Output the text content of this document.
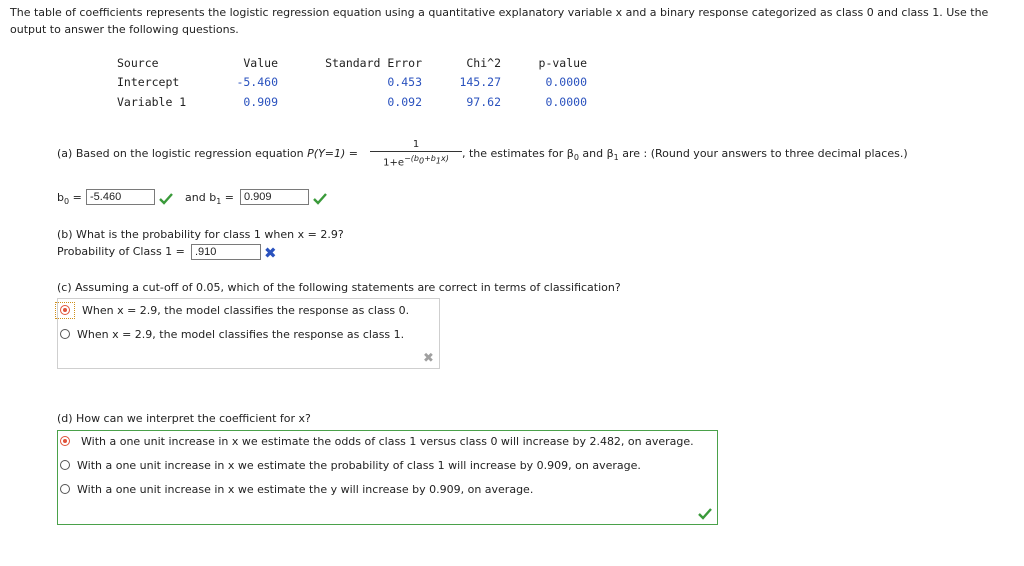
The table of coefficients represents the logistic regression equation using a quantitative explanatory variable x and a binary response categorized as class 0 and class 1. Use the output to answer the following questions.
Source	Value	Standard Error	Chi^2	p-value
Intercept	-5.460	0.453	145.27	0.0000
Variable 1	0.909	0.092	97.62	0.0000
(a) Based on the logistic regression equation P(Y=1) =
1
$1+e^{-(b_0+b_1x)}$	, the estimates for $\beta_0$ and $\beta_1$ are : (Round your answers to three decimal places.)
$b_0$ =
-5.460	and $b_1$ =
0.909
(b) What is the probability for class 1 when x = 2.9?
Probability of Class 1 =
.910	✖
(c) Assuming a cut-off of 0.05, which of the following statements are correct in terms of classification?
When x = 2.9, the model classifies the response as class 0.
When x = 2.9, the model classifies the response as class 1.
✖
(d) How can we interpret the coefficient for x?
With a one unit increase in x we estimate the odds of class 1 versus class 0 will increase by 2.482, on average.
With a one unit increase in x we estimate the probability of class 1 will increase by 0.909, on average.
With a one unit increase in x we estimate the y will increase by 0.909, on average.
